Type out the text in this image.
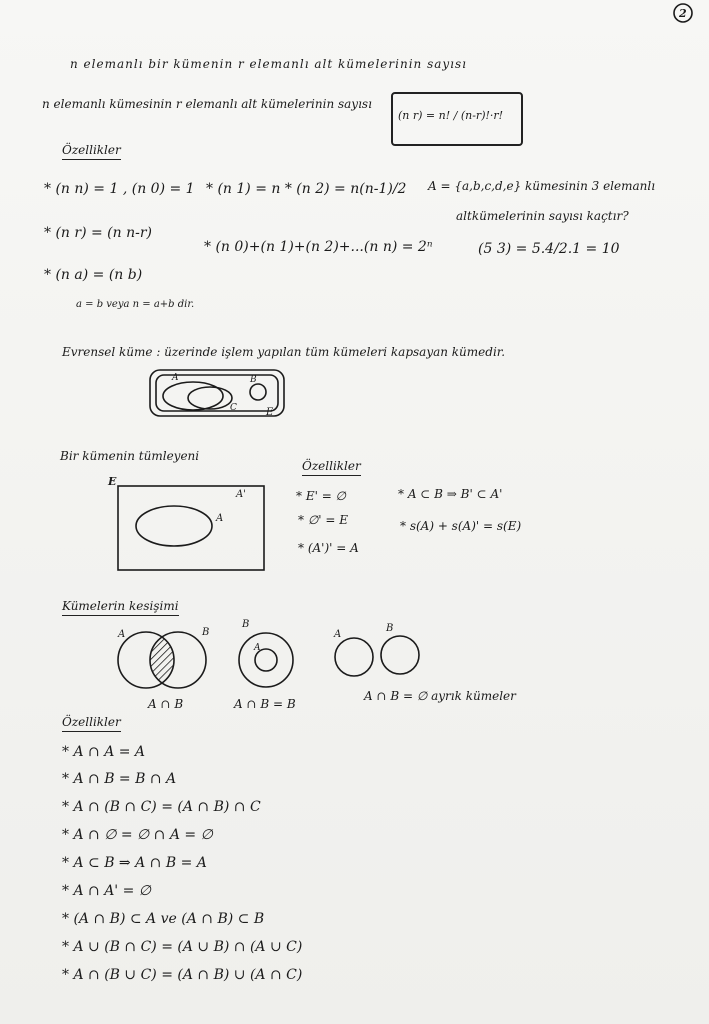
2
n elemanlı bir kümenin r elemanlı alt kümelerinin sayısı
n elemanlı kümesinin r elemanlı alt kümelerinin sayısı
(n r) = n! / (n-r)!·r!
Özellikler
* (n n) = 1 , (n 0) = 1 * (n 1) = n * (n 2) = n(n-1)/2
* (n r) = (n n-r)
* (n 0)+(n 1)+(n 2)+...(n n) = 2ⁿ
* (n a) = (n b)
a = b veya n = a+b dir.
A = {a,b,c,d,e} kümesinin 3 elemanlı
altkümelerinin sayısı kaçtır?
(5 3) = 5.4/2.1 = 10
Evrensel küme : üzerinde işlem yapılan tüm kümeleri kapsayan kümedir.
A	B
C	E
Bir kümenin tümleyeni
E
A
A'
Özellikler
* E' = ∅
* ∅' = E
* (A')' = A
* A ⊂ B ⇒ B' ⊂ A'
* s(A) + s(A)' = s(E)
Kümelerin kesişimi
A	B
A ∩ B
B
A
A ∩ B = B
A
B
A ∩ B = ∅ ayrık kümeler
Özellikler
* A ∩ A = A
* A ∩ B = B ∩ A
* A ∩ (B ∩ C) = (A ∩ B) ∩ C
* A ∩ ∅ = ∅ ∩ A = ∅
* A ⊂ B ⇒ A ∩ B = A
* A ∩ A' = ∅
* (A ∩ B) ⊂ A ve (A ∩ B) ⊂ B
* A ∪ (B ∩ C) = (A ∪ B) ∩ (A ∪ C)
* A ∩ (B ∪ C) = (A ∩ B) ∪ (A ∩ C)
